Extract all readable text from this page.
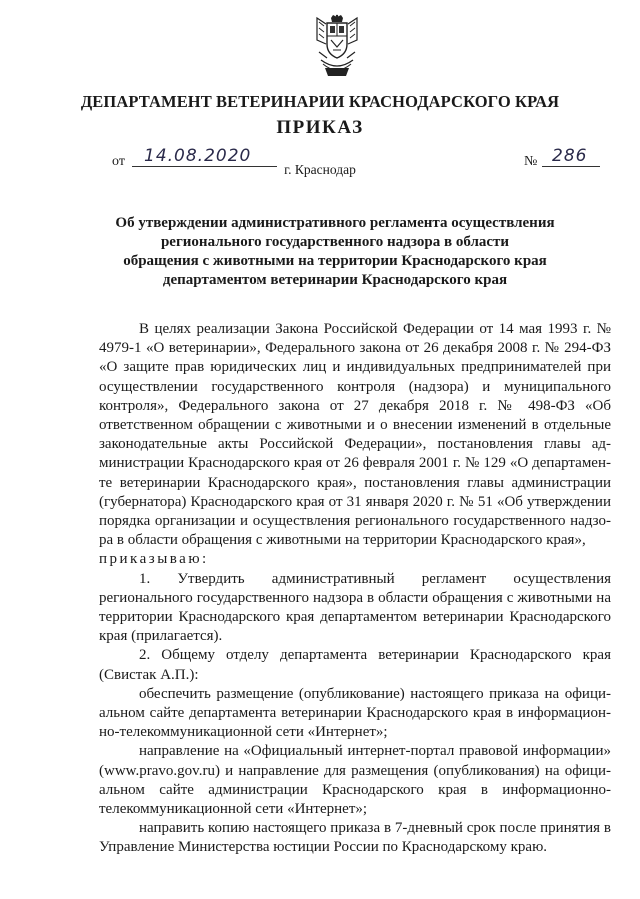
ДЕПАРТАМЕНТ ВЕТЕРИНАРИИ КРАСНОДАРСКОГО КРАЯ
ПРИКАЗ
от 14.08.2020	№ 286
г. Краснодар
Об утверждении административного регламента осуществления
регионального государственного надзора в области
обращения с животными на территории Краснодарского края
департаментом ветеринарии Краснодарского края

В целях реализации Закона Российской Федерации от 14 мая 1993 г. № 4979-1 «О ветеринарии», Федерального закона от 26 декабря 2008 г. № 294-ФЗ «О защите прав юридических лиц и индивидуальных предпринимателей при осуществлении государственного контроля (надзора) и муниципального контроля», Федерального закона от 27 декабря 2018 г. № 498-ФЗ «Об ответственном обращении с животными и о внесении изменений в отдельные законодательные акты Российской Федерации», постановления главы администрации Краснодарского края от 26 февраля 2001 г. № 129 «О департаменте ветеринарии Краснодарского края», постановления главы администрации (губернатора) Краснодарского края от 31 января 2020 г. № 51 «Об утверждении порядка организации и осуществления регионального государственного надзора в области обращения с животными на территории Краснодарского края»,

приказываю:

1. Утвердить административный регламент осуществления регионального государственного надзора в области обращения с животными на территории Краснодарского края департаментом ветеринарии Краснодарского края (прилагается).

2. Общему отделу департамента ветеринарии Краснодарского края (Свистак А.П.):

обеспечить размещение (опубликование) настоящего приказа на официальном сайте департамента ветеринарии Краснодарского края в информационно-телекоммуникационной сети «Интернет»;

направление на «Официальный интернет-портал правовой информации» (www.pravo.gov.ru) и направление для размещения (опубликования) на официальном сайте администрации Краснодарского края в информационно-телекоммуникационной сети «Интернет»;

направить копию настоящего приказа в 7-дневный срок после принятия в Управление Министерства юстиции России по Краснодарскому краю.
